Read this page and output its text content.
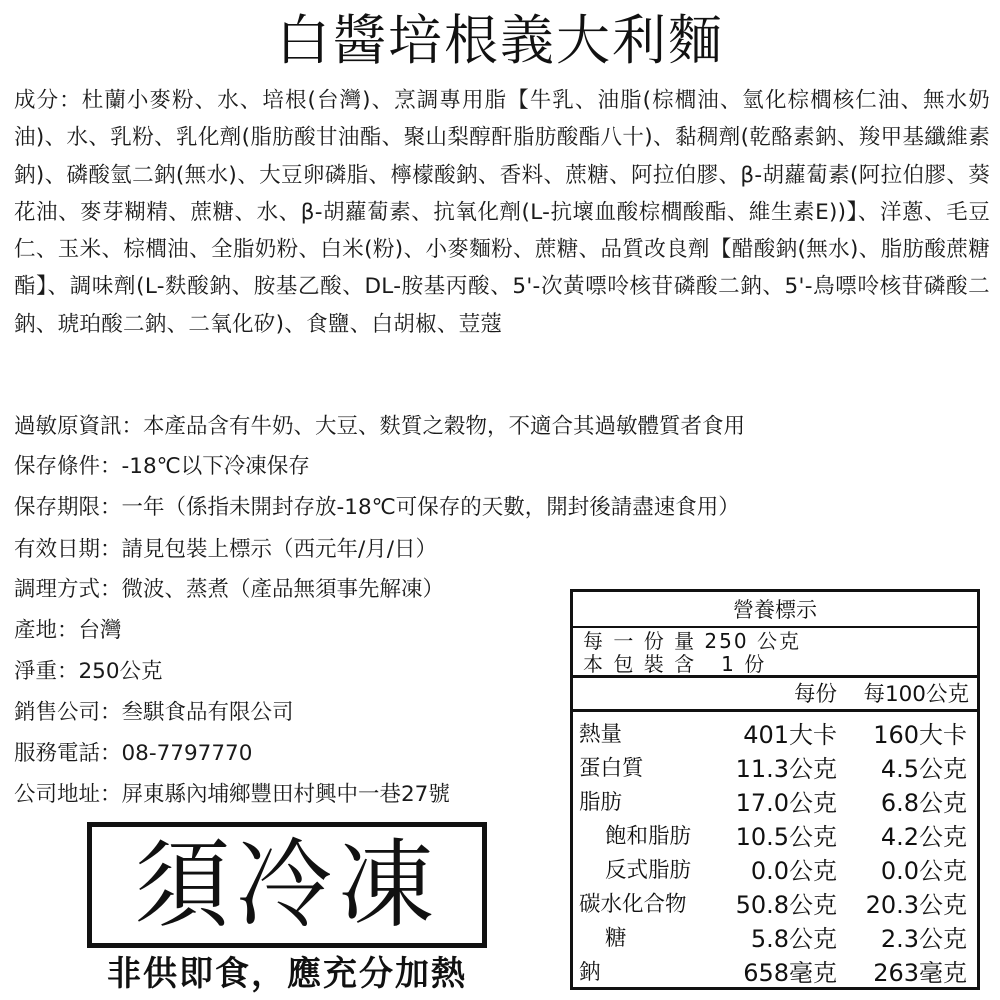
白醬培根義大利麵
成分：杜蘭小麥粉、水、培根(台灣)、烹調專用脂【牛乳、油脂(棕櫚油、氫化棕櫚核仁油、無水奶油)、水、乳粉、乳化劑(脂肪酸甘油酯、聚山梨醇酐脂肪酸酯八十)、黏稠劑(乾酪素鈉、羧甲基纖維素鈉)、磷酸氫二鈉(無水)、大豆卵磷脂、檸檬酸鈉、香料、蔗糖、阿拉伯膠、β-胡蘿蔔素(阿拉伯膠、葵花油、麥芽糊精、蔗糖、水、β-胡蘿蔔素、抗氧化劑(L-抗壞血酸棕櫚酸酯、維生素E))】、洋蔥、毛豆仁、玉米、棕櫚油、全脂奶粉、白米(粉)、小麥麵粉、蔗糖、品質改良劑【醋酸鈉(無水)、脂肪酸蔗糖酯】、調味劑(L-麩酸鈉、胺基乙酸、DL-胺基丙酸、5'-次黃嘌呤核苷磷酸二鈉、5'-鳥嘌呤核苷磷酸二鈉、琥珀酸二鈉、二氧化矽)、食鹽、白胡椒、荳蔻
過敏原資訊：本產品含有牛奶、大豆、麩質之穀物，不適合其過敏體質者食用
保存條件：-18℃以下冷凍保存
保存期限：一年（係指未開封存放-18℃可保存的天數，開封後請盡速食用）
有效日期：請見包裝上標示（西元年/月/日）
調理方式：微波、蒸煮（產品無須事先解凍）
產地：台灣
淨重：250公克
銷售公司：叁騏食品有限公司
服務電話：08-7797770
公司地址：屏東縣內埔鄉豐田村興中一巷27號
須冷凍
非供即食，應充分加熱
營養標示
每 一 份 量 250 公克
本 包 裝 含   1 份
每份 每100公克
熱量	401大卡 160大卡
蛋白質	11.3公克 4.5公克
脂肪	17.0公克 6.8公克
飽和脂肪 10.5公克 4.2公克
反式脂肪 0.0公克 0.0公克
碳水化合物 50.8公克 20.3公克
糖	5.8公克 2.3公克
鈉	658毫克 263毫克
